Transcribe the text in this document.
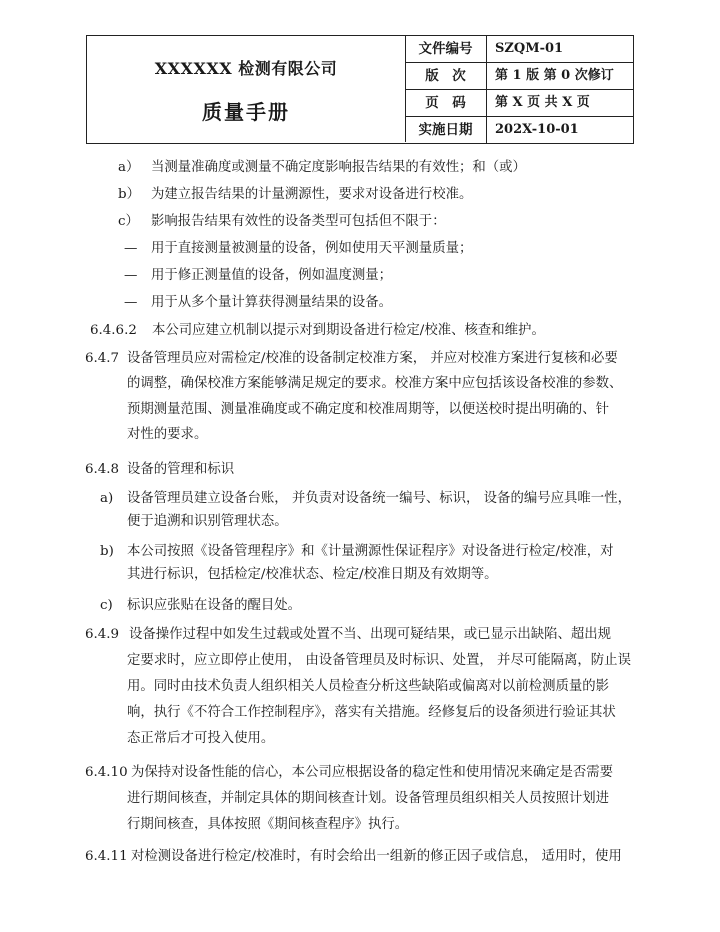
XXXXXX 检测有限公司
质量手册
文件编号	SZQM-01
版　次	第 1 版 第 0 次修订
页　码	第 X 页 共 X 页
实施日期	202X-10-01
a） 当测量准确度或测量不确定度影响报告结果的有效性；和（或）
b） 为建立报告结果的计量溯源性，要求对设备进行校准。
c） 影响报告结果有效性的设备类型可包括但不限于：
— 用于直接测量被测量的设备，例如使用天平测量质量；
— 用于修正测量值的设备，例如温度测量；
— 用于从多个量计算获得测量结果的设备。
6.4.6.2 本公司应建立机制以提示对到期设备进行检定/校准、核查和维护。
6.4.7 设备管理员应对需检定/校准的设备制定校准方案， 并应对校准方案进行复核和必要
的调整，确保校准方案能够满足规定的要求。校准方案中应包括该设备校准的参数、
预期测量范围、测量准确度或不确定度和校准周期等，以便送校时提出明确的、针
对性的要求。
6.4.8 设备的管理和标识
a) 设备管理员建立设备台账， 并负责对设备统一编号、标识， 设备的编号应具唯一性，
便于追溯和识别管理状态。
b) 本公司按照《设备管理程序》和《计量溯源性保证程序》对设备进行检定/校准，对
其进行标识，包括检定/校准状态、检定/校准日期及有效期等。
c) 标识应张贴在设备的醒目处。
6.4.9 设备操作过程中如发生过载或处置不当、出现可疑结果，或已显示出缺陷、超出规
定要求时，应立即停止使用， 由设备管理员及时标识、处置， 并尽可能隔离，防止误
用。同时由技术负责人组织相关人员检查分析这些缺陷或偏离对以前检测质量的影
响，执行《不符合工作控制程序》，落实有关措施。经修复后的设备须进行验证其状
态正常后才可投入使用。
6.4.10 为保持对设备性能的信心，本公司应根据设备的稳定性和使用情况来确定是否需要
进行期间核查，并制定具体的期间核查计划。设备管理员组织相关人员按照计划进
行期间核查，具体按照《期间核查程序》执行。
6.4.11 对检测设备进行检定/校准时，有时会给出一组新的修正因子或信息， 适用时，使用
